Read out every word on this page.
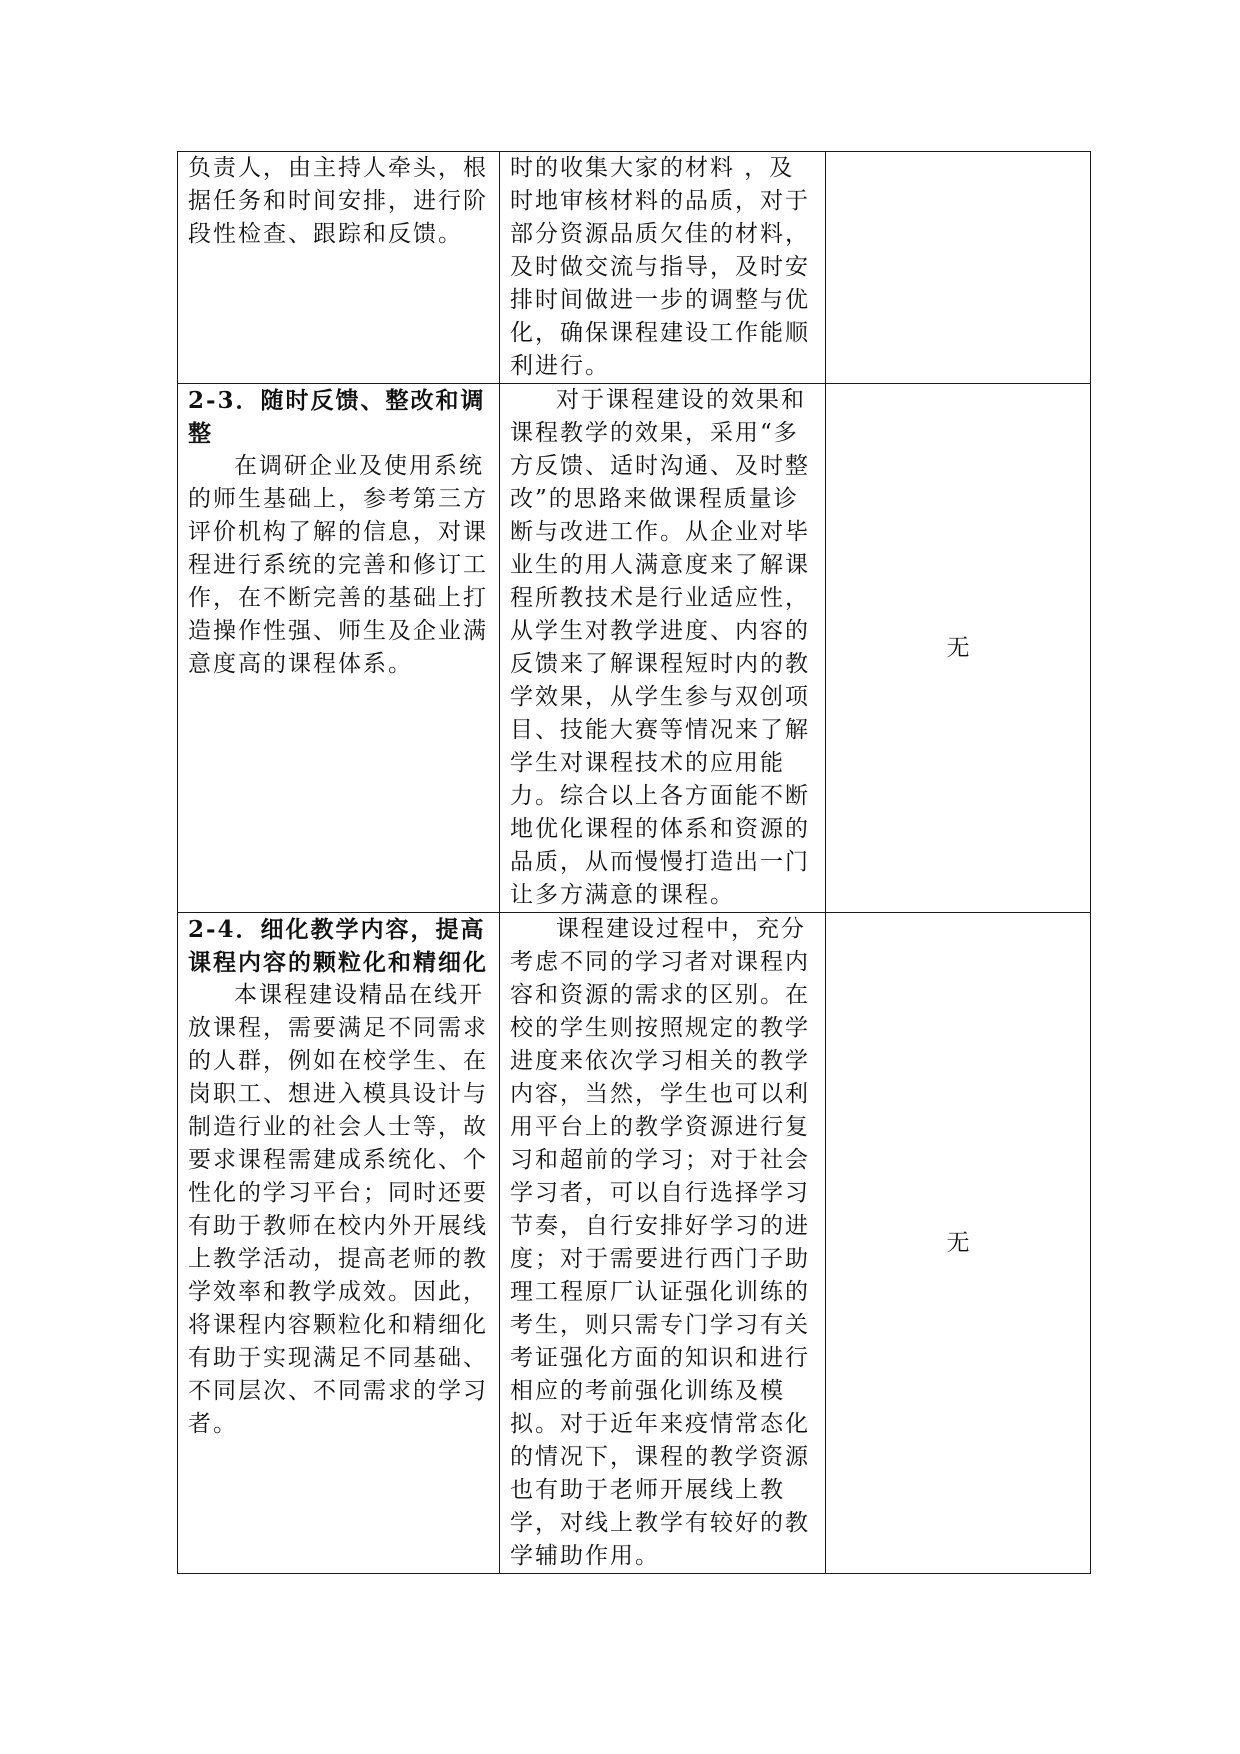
负责人，由主持人牵头，根据任务和时间安排，进行阶段性检查、跟踪和反馈。	时的收集大家的材料 ，及时地审核材料的品质，对于部分资源品质欠佳的材料，及时做交流与指导，及时安排时间做进一步的调整与优化，确保课程建设工作能顺利进行。	

2-3．随时反馈、整改和调整
在调研企业及使用系统的师生基础上，参考第三方评价机构了解的信息，对课程进行系统的完善和修订工作，在不断完善的基础上打造操作性强、师生及企业满意度高的课程体系。	对于课程建设的效果和课程教学的效果，采用“多方反馈、适时沟通、及时整改”的思路来做课程质量诊断与改进工作。从企业对毕业生的用人满意度来了解课程所教技术是行业适应性，从学生对教学进度、内容的反馈来了解课程短时内的教学效果，从学生参与双创项目、技能大赛等情况来了解学生对课程技术的应用能力。综合以上各方面能不断地优化课程的体系和资源的品质，从而慢慢打造出一门让多方满意的课程。	无

2-4．细化教学内容，提高课程内容的颗粒化和精细化
本课程建设精品在线开放课程，需要满足不同需求的人群，例如在校学生、在岗职工、想进入模具设计与制造行业的社会人士等，故要求课程需建成系统化、个性化的学习平台；同时还要有助于教师在校内外开展线上教学活动，提高老师的教学效率和教学成效。因此，将课程内容颗粒化和精细化有助于实现满足不同基础、不同层次、不同需求的学习者。	课程建设过程中，充分考虑不同的学习者对课程内容和资源的需求的区别。在校的学生则按照规定的教学进度来依次学习相关的教学内容，当然，学生也可以利用平台上的教学资源进行复习和超前的学习；对于社会学习者，可以自行选择学习节奏，自行安排好学习的进度；对于需要进行西门子助理工程原厂认证强化训练的考生，则只需专门学习有关考证强化方面的知识和进行相应的考前强化训练及模拟。对于近年来疫情常态化的情况下，课程的教学资源也有助于老师开展线上教学，对线上教学有较好的教学辅助作用。	无
